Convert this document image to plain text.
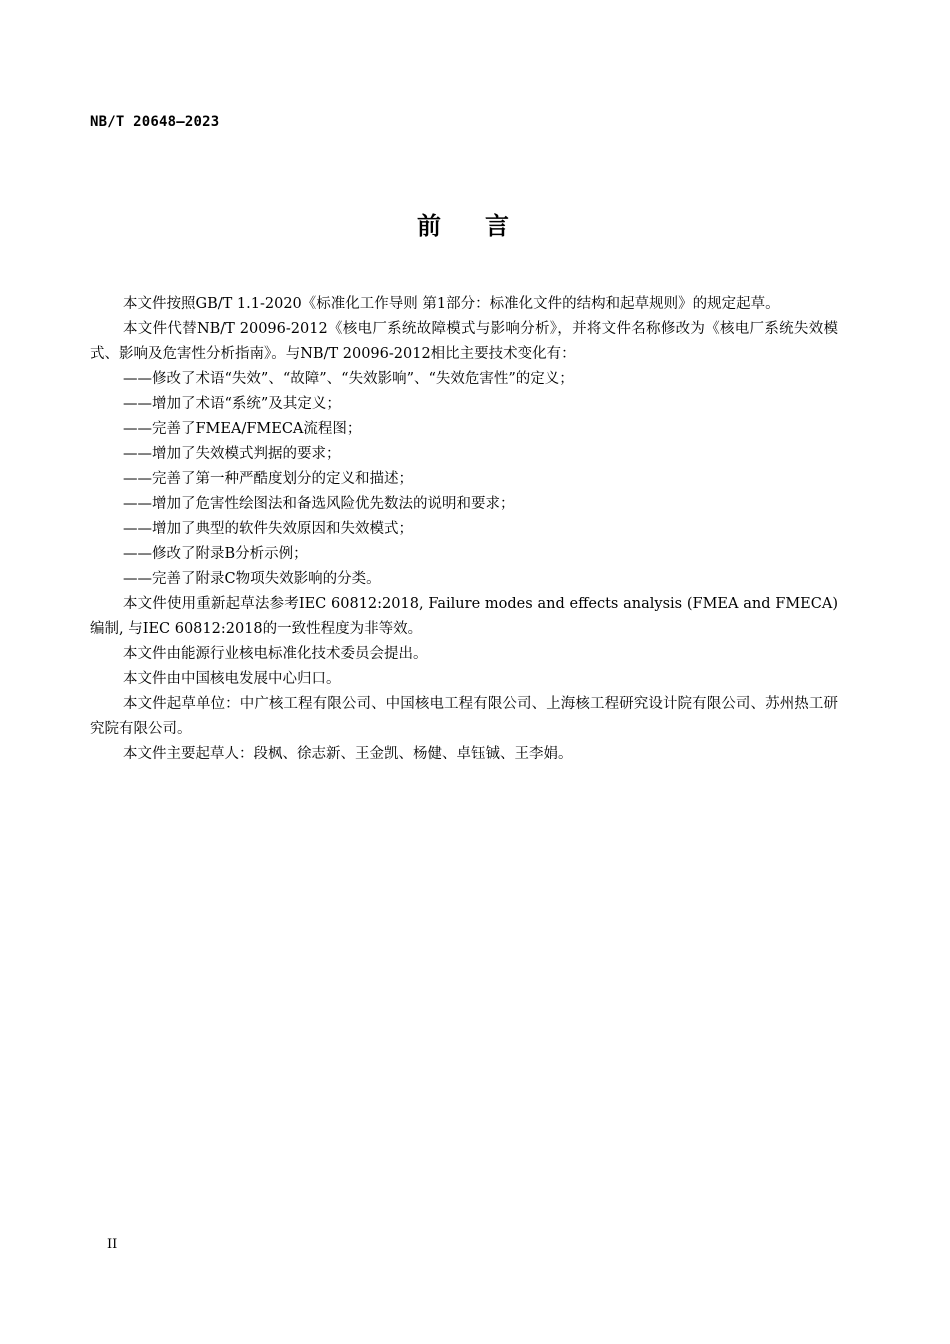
NB/T 20648—2023
前言

本文件按照GB/T 1.1-2020《标准化工作导则 第1部分：标准化文件的结构和起草规则》的规定起草。

本文件代替NB/T 20096-2012《核电厂系统故障模式与影响分析》，并将文件名称修改为《核电厂系统失效模式、影响及危害性分析指南》。与NB/T 20096-2012相比主要技术变化有：

——修改了术语“失效”、“故障”、“失效影响”、“失效危害性”的定义；

——增加了术语“系统”及其定义；

——完善了FMEA/FMECA流程图；

——增加了失效模式判据的要求；

——完善了第一种严酷度划分的定义和描述；

——增加了危害性绘图法和备选风险优先数法的说明和要求；

——增加了典型的软件失效原因和失效模式；

——修改了附录B分析示例；

——完善了附录C物项失效影响的分类。

本文件使用重新起草法参考IEC 60812:2018, Failure modes and effects analysis (FMEA and FMECA)编制, 与IEC 60812:2018的一致性程度为非等效。

本文件由能源行业核电标准化技术委员会提出。

本文件由中国核电发展中心归口。

本文件起草单位：中广核工程有限公司、中国核电工程有限公司、上海核工程研究设计院有限公司、苏州热工研究院有限公司。

本文件主要起草人：段枫、徐志新、王金凯、杨健、卓钰铖、王李娟。

II
